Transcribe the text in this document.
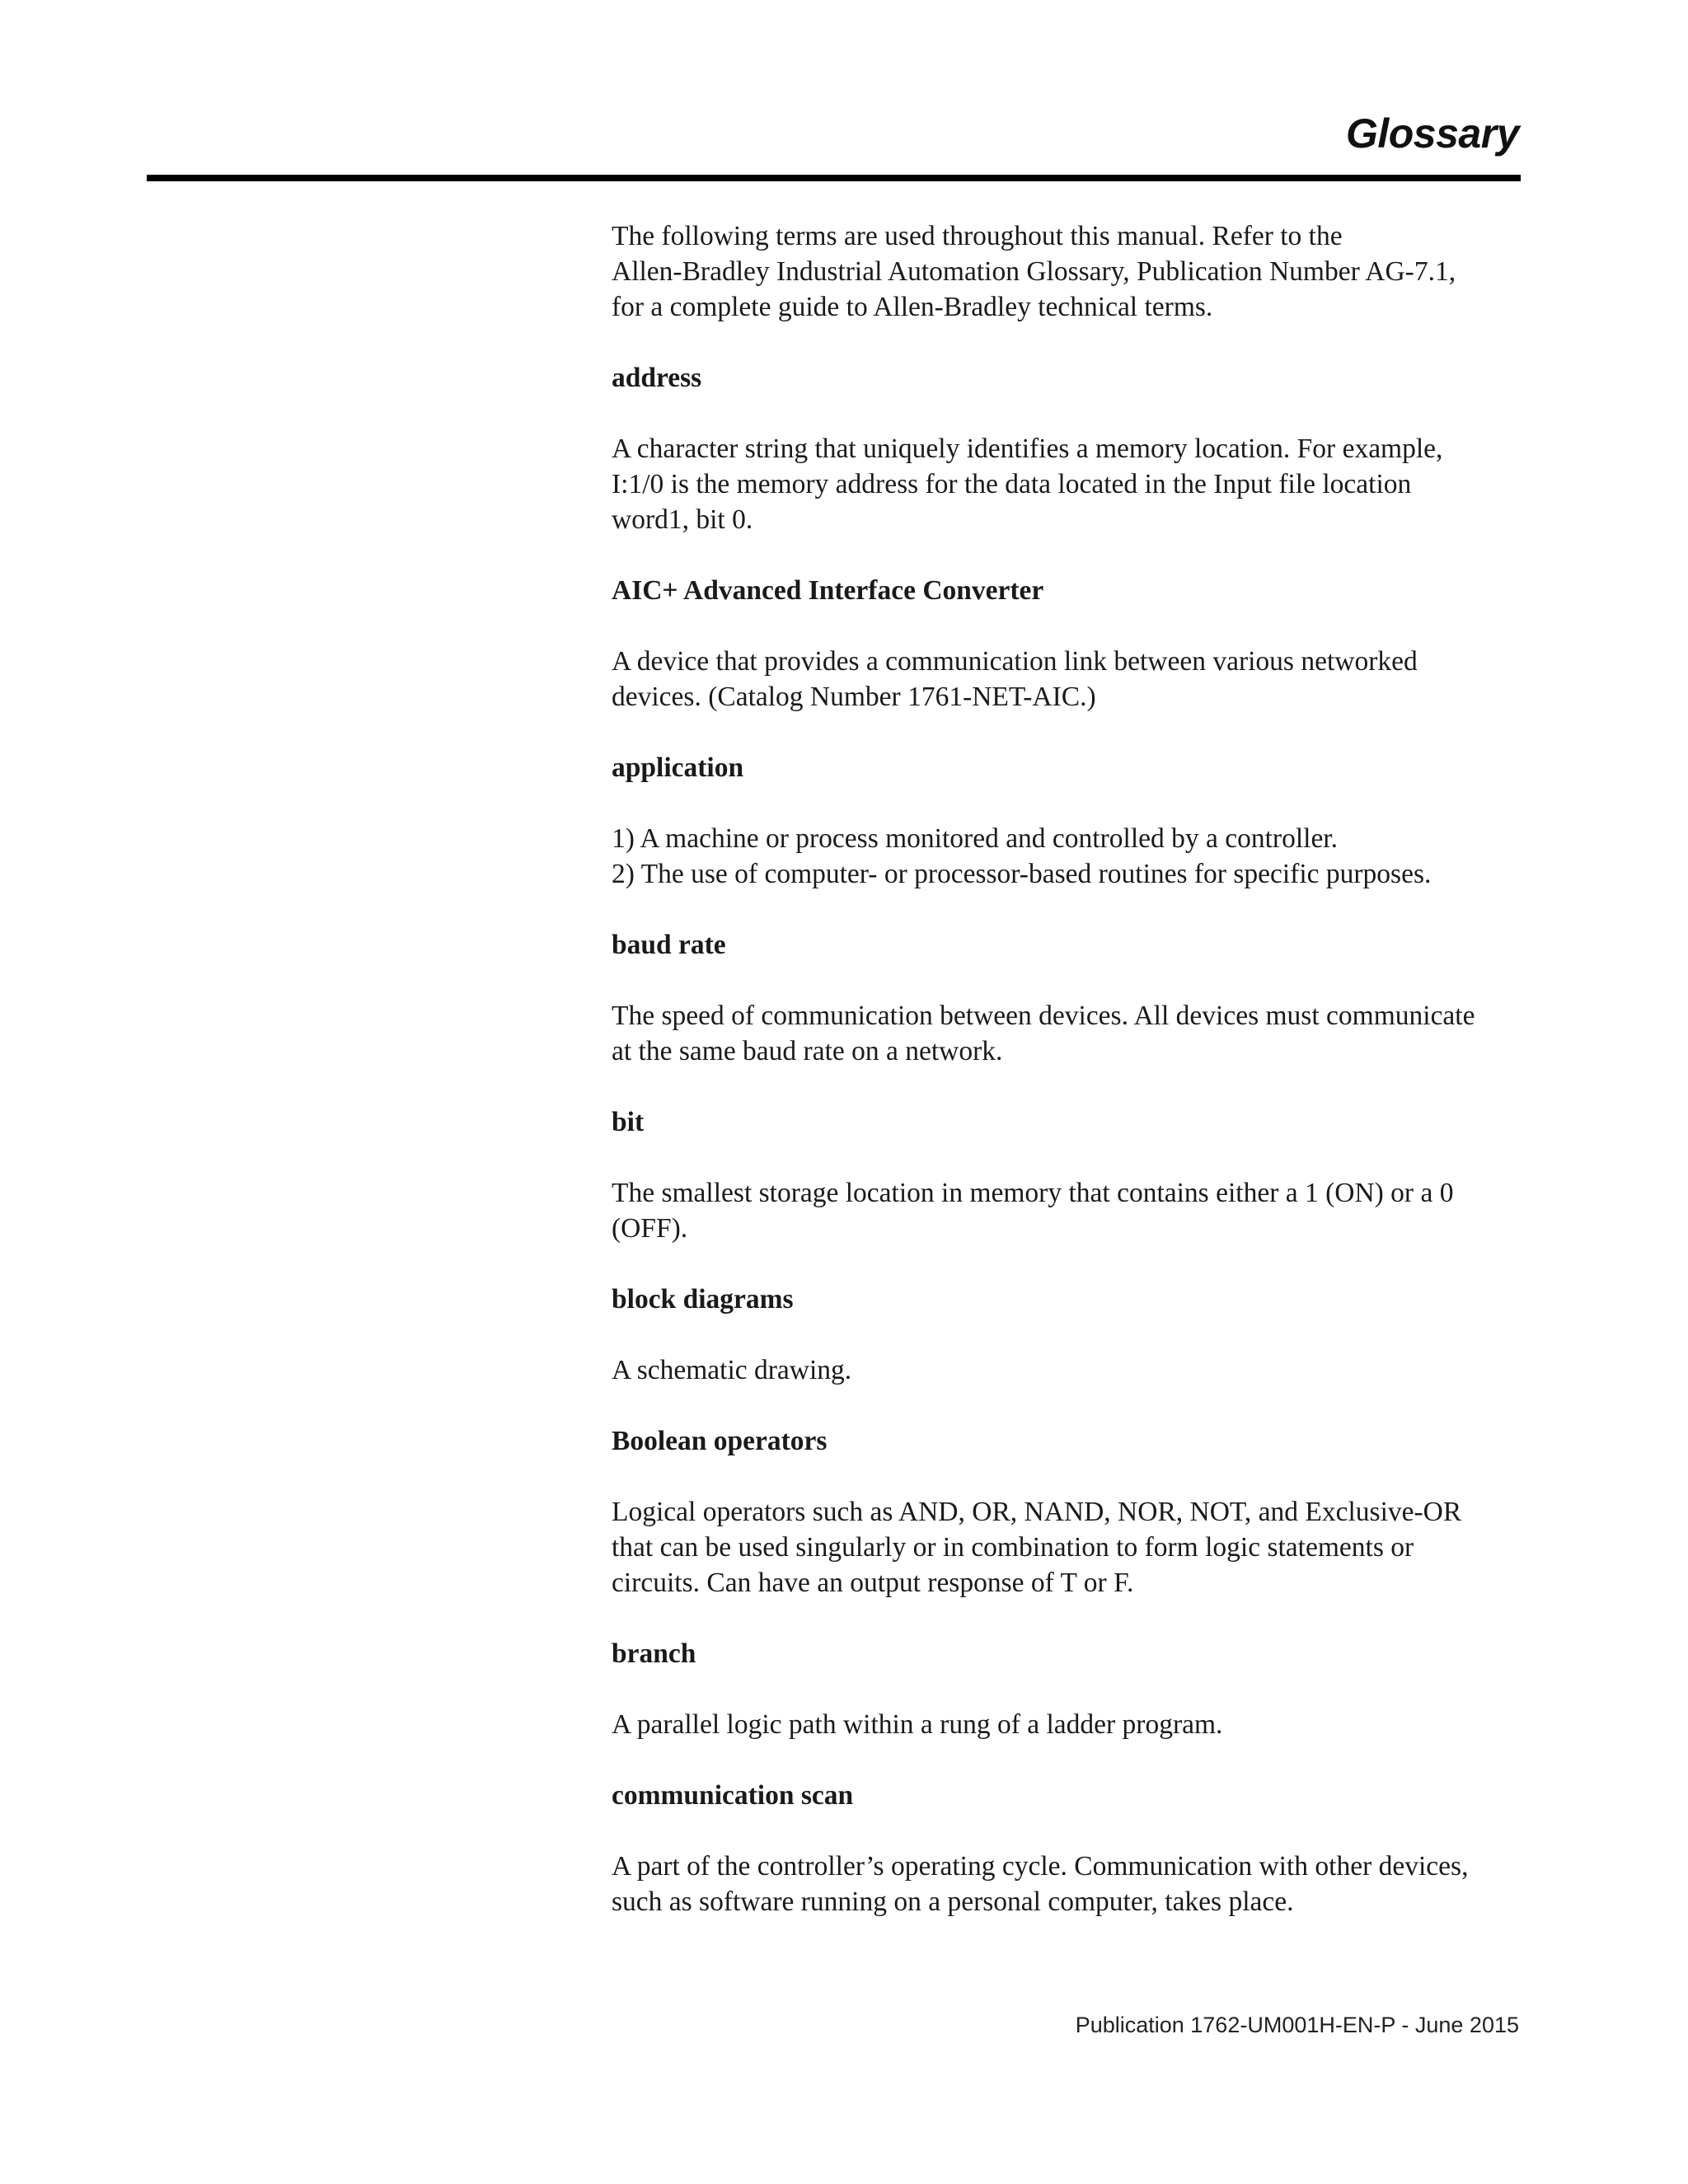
Glossary

The following terms are used throughout this manual. Refer to the
Allen-Bradley Industrial Automation Glossary, Publication Number AG-7.1,
for a complete guide to Allen-Bradley technical terms.

address

A character string that uniquely identifies a memory location. For example,
I:1/0 is the memory address for the data located in the Input file location
word1, bit 0.

AIC+ Advanced Interface Converter

A device that provides a communication link between various networked
devices. (Catalog Number 1761-NET-AIC.)

application

1) A machine or process monitored and controlled by a controller.
2) The use of computer- or processor-based routines for specific purposes.

baud rate

The speed of communication between devices. All devices must communicate
at the same baud rate on a network.

bit

The smallest storage location in memory that contains either a 1 (ON) or a 0
(OFF).

block diagrams

A schematic drawing.

Boolean operators

Logical operators such as AND, OR, NAND, NOR, NOT, and Exclusive-OR
that can be used singularly or in combination to form logic statements or
circuits. Can have an output response of T or F.

branch

A parallel logic path within a rung of a ladder program.

communication scan

A part of the controller’s operating cycle. Communication with other devices,
such as software running on a personal computer, takes place.

Publication 1762-UM001H-EN-P - June 2015
